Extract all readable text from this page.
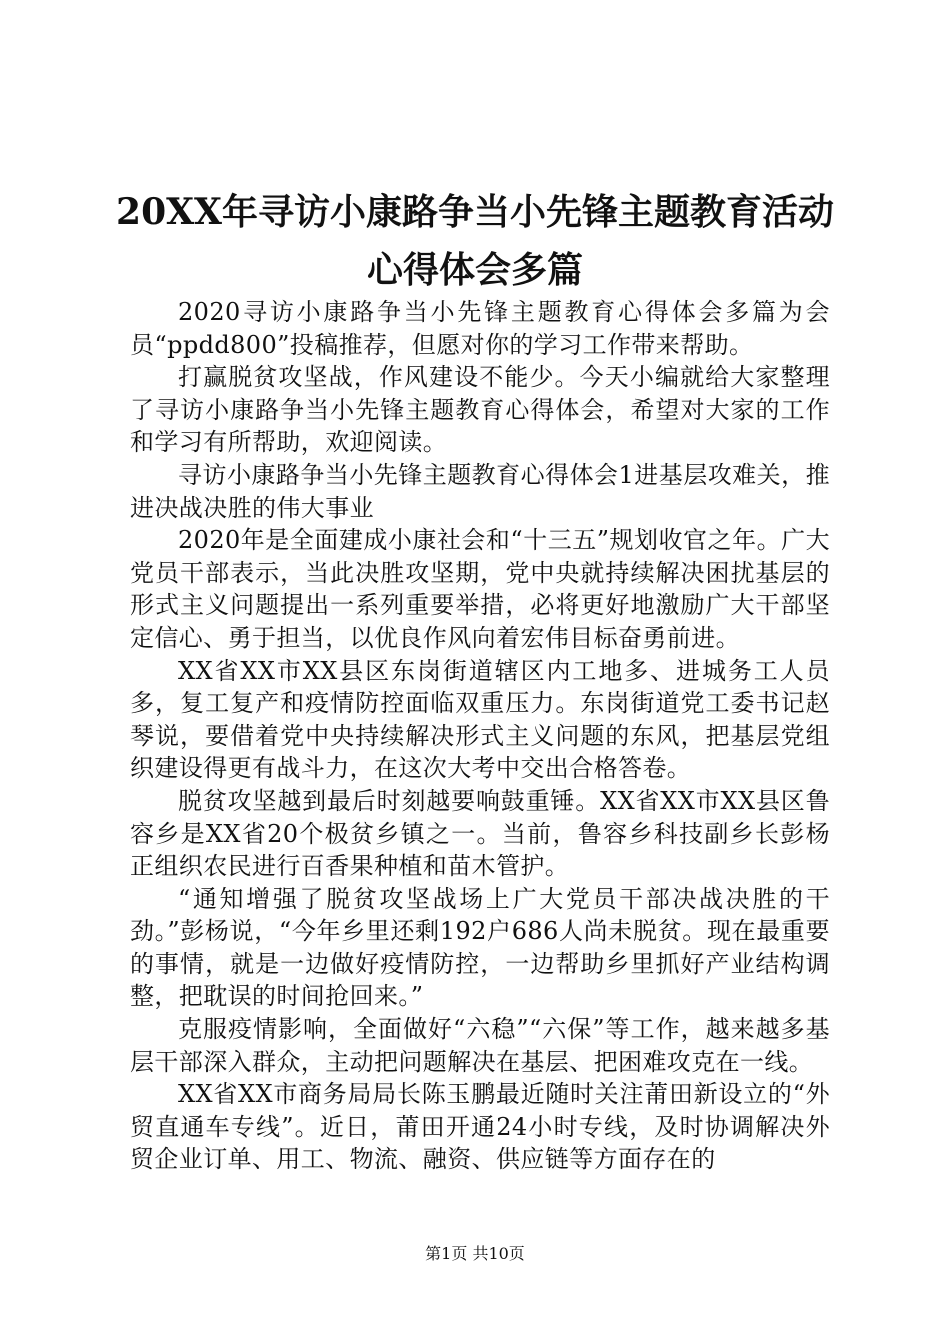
20XX年寻访小康路争当小先锋主题教育活动
心得体会多篇

2020寻访小康路争当小先锋主题教育心得体会多篇为会员“ppdd800”投稿推荐，但愿对你的学习工作带来帮助。

打赢脱贫攻坚战，作风建设不能少。今天小编就给大家整理了寻访小康路争当小先锋主题教育心得体会，希望对大家的工作和学习有所帮助，欢迎阅读。

寻访小康路争当小先锋主题教育心得体会1进基层攻难关，推进决战决胜的伟大事业

2020年是全面建成小康社会和“十三五”规划收官之年。广大党员干部表示，当此决胜攻坚期，党中央就持续解决困扰基层的形式主义问题提出一系列重要举措，必将更好地激励广大干部坚定信心、勇于担当，以优良作风向着宏伟目标奋勇前进。

XX省XX市XX县区东岗街道辖区内工地多、进城务工人员多，复工复产和疫情防控面临双重压力。东岗街道党工委书记赵琴说，要借着党中央持续解决形式主义问题的东风，把基层党组织建设得更有战斗力，在这次大考中交出合格答卷。

脱贫攻坚越到最后时刻越要响鼓重锤。XX省XX市XX县区鲁容乡是XX省20个极贫乡镇之一。当前，鲁容乡科技副乡长彭杨正组织农民进行百香果种植和苗木管护。

“通知增强了脱贫攻坚战场上广大党员干部决战决胜的干劲。”彭杨说，“今年乡里还剩192户686人尚未脱贫。现在最重要的事情，就是一边做好疫情防控，一边帮助乡里抓好产业结构调整，把耽误的时间抢回来。”

克服疫情影响，全面做好“六稳”“六保”等工作，越来越多基层干部深入群众，主动把问题解决在基层、把困难攻克在一线。

XX省XX市商务局局长陈玉鹏最近随时关注莆田新设立的“外贸直通车专线”。近日，莆田开通24小时专线，及时协调解决外贸企业订单、用工、物流、融资、供应链等方面存在的

第1页 共10页
